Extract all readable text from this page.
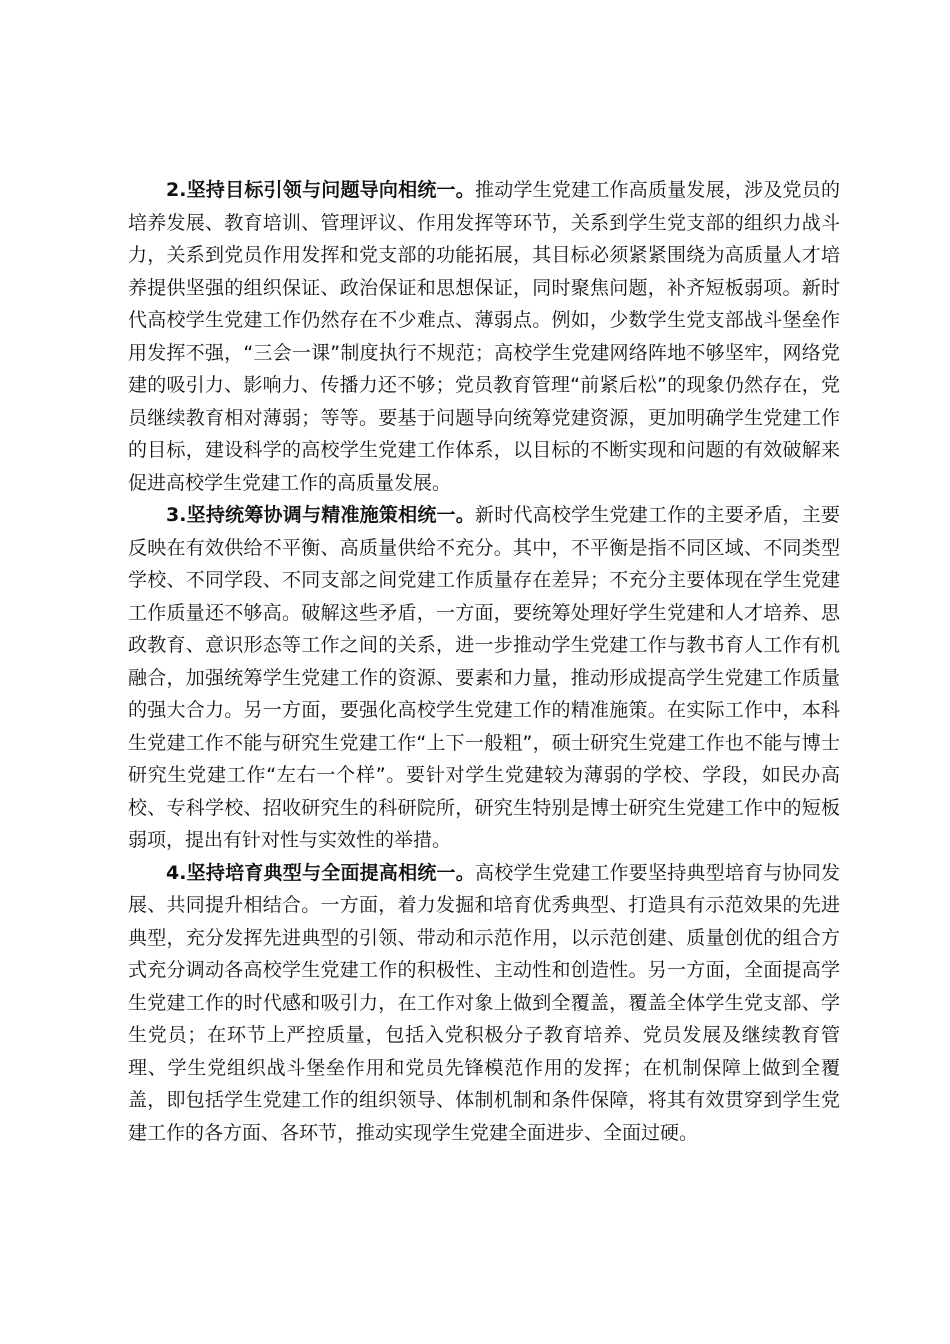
2.坚持目标引领与问题导向相统一。推动学生党建工作高质量发展，涉及党员的培养发展、教育培训、管理评议、作用发挥等环节，关系到学生党支部的组织力战斗力，关系到党员作用发挥和党支部的功能拓展，其目标必须紧紧围绕为高质量人才培养提供坚强的组织保证、政治保证和思想保证，同时聚焦问题，补齐短板弱项。新时代高校学生党建工作仍然存在不少难点、薄弱点。例如，少数学生党支部战斗堡垒作用发挥不强，“三会一课”制度执行不规范；高校学生党建网络阵地不够坚牢，网络党建的吸引力、影响力、传播力还不够；党员教育管理“前紧后松”的现象仍然存在，党员继续教育相对薄弱；等等。要基于问题导向统筹党建资源，更加明确学生党建工作的目标，建设科学的高校学生党建工作体系，以目标的不断实现和问题的有效破解来促进高校学生党建工作的高质量发展。

3.坚持统筹协调与精准施策相统一。新时代高校学生党建工作的主要矛盾，主要反映在有效供给不平衡、高质量供给不充分。其中，不平衡是指不同区域、不同类型学校、不同学段、不同支部之间党建工作质量存在差异；不充分主要体现在学生党建工作质量还不够高。破解这些矛盾，一方面，要统筹处理好学生党建和人才培养、思政教育、意识形态等工作之间的关系，进一步推动学生党建工作与教书育人工作有机融合，加强统筹学生党建工作的资源、要素和力量，推动形成提高学生党建工作质量的强大合力。另一方面，要强化高校学生党建工作的精准施策。在实际工作中，本科生党建工作不能与研究生党建工作“上下一般粗”，硕士研究生党建工作也不能与博士研究生党建工作“左右一个样”。要针对学生党建较为薄弱的学校、学段，如民办高校、专科学校、招收研究生的科研院所，研究生特别是博士研究生党建工作中的短板弱项，提出有针对性与实效性的举措。

4.坚持培育典型与全面提高相统一。高校学生党建工作要坚持典型培育与协同发展、共同提升相结合。一方面，着力发掘和培育优秀典型、打造具有示范效果的先进典型，充分发挥先进典型的引领、带动和示范作用，以示范创建、质量创优的组合方式充分调动各高校学生党建工作的积极性、主动性和创造性。另一方面，全面提高学生党建工作的时代感和吸引力，在工作对象上做到全覆盖，覆盖全体学生党支部、学生党员；在环节上严控质量，包括入党积极分子教育培养、党员发展及继续教育管理、学生党组织战斗堡垒作用和党员先锋模范作用的发挥；在机制保障上做到全覆盖，即包括学生党建工作的组织领导、体制机制和条件保障，将其有效贯穿到学生党建工作的各方面、各环节，推动实现学生党建全面进步、全面过硬。
